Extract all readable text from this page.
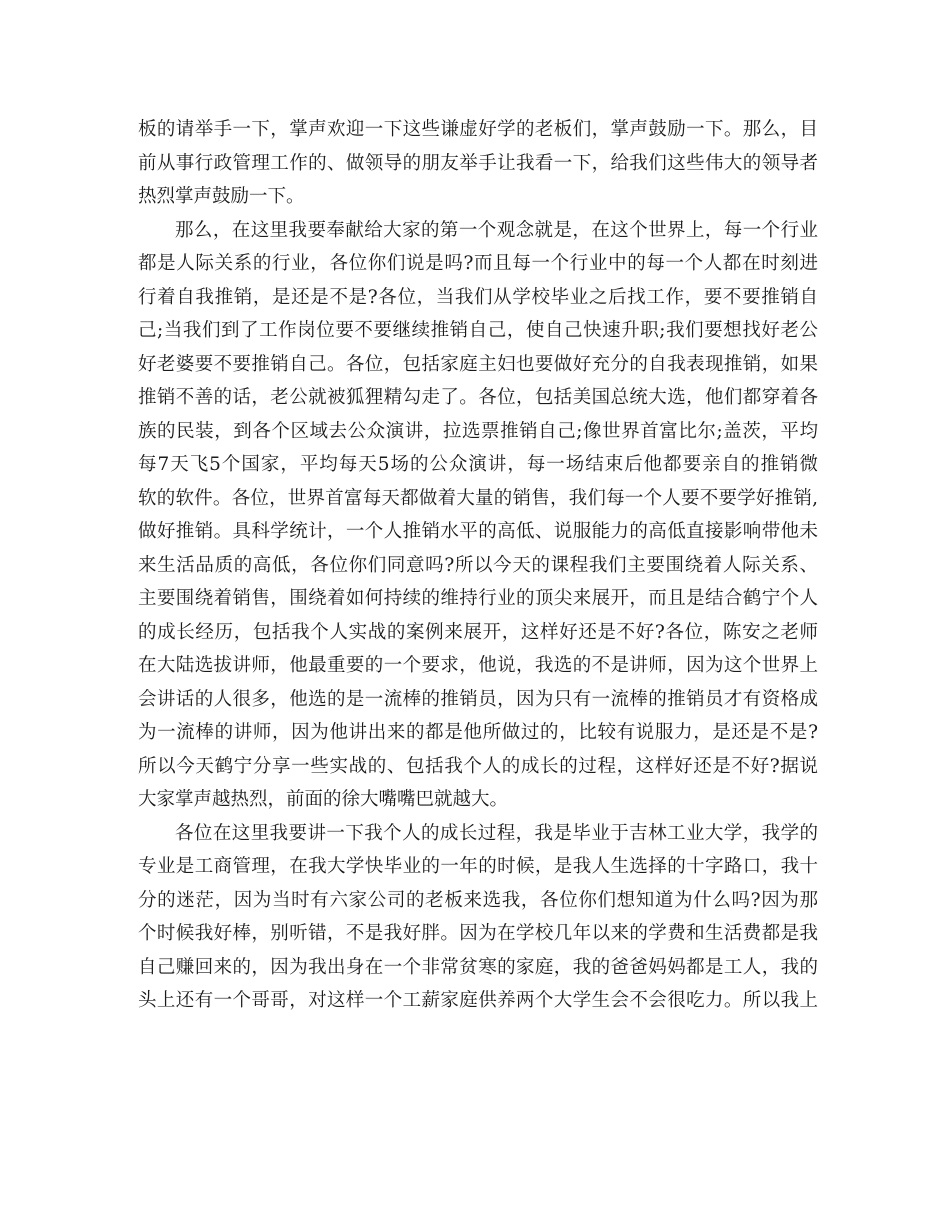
板的请举手一下，掌声欢迎一下这些谦虚好学的老板们，掌声鼓励一下。那么，目
前从事行政管理工作的、做领导的朋友举手让我看一下，给我们这些伟大的领导者
热烈掌声鼓励一下。
那么，在这里我要奉献给大家的第一个观念就是，在这个世界上，每一个行业
都是人际关系的行业，各位你们说是吗?而且每一个行业中的每一个人都在时刻进
行着自我推销，是还是不是?各位，当我们从学校毕业之后找工作，要不要推销自
己;当我们到了工作岗位要不要继续推销自己，使自己快速升职;我们要想找好老公
好老婆要不要推销自己。各位，包括家庭主妇也要做好充分的自我表现推销，如果
推销不善的话，老公就被狐狸精勾走了。各位，包括美国总统大选，他们都穿着各
族的民装，到各个区域去公众演讲，拉选票推销自己;像世界首富比尔;盖茨，平均
每7天飞5个国家，平均每天5场的公众演讲，每一场结束后他都要亲自的推销微
软的软件。各位，世界首富每天都做着大量的销售，我们每一个人要不要学好推销,
做好推销。具科学统计，一个人推销水平的高低、说服能力的高低直接影响带他未
来生活品质的高低，各位你们同意吗?所以今天的课程我们主要围绕着人际关系、
主要围绕着销售，围绕着如何持续的维持行业的顶尖来展开，而且是结合鹤宁个人
的成长经历，包括我个人实战的案例来展开，这样好还是不好?各位，陈安之老师
在大陆选拔讲师，他最重要的一个要求，他说，我选的不是讲师，因为这个世界上
会讲话的人很多，他选的是一流棒的推销员，因为只有一流棒的推销员才有资格成
为一流棒的讲师，因为他讲出来的都是他所做过的，比较有说服力，是还是不是?
所以今天鹤宁分享一些实战的、包括我个人的成长的过程，这样好还是不好?据说
大家掌声越热烈，前面的徐大嘴嘴巴就越大。
各位在这里我要讲一下我个人的成长过程，我是毕业于吉林工业大学，我学的
专业是工商管理，在我大学快毕业的一年的时候，是我人生选择的十字路口，我十
分的迷茫，因为当时有六家公司的老板来选我，各位你们想知道为什么吗?因为那
个时候我好棒，别听错，不是我好胖。因为在学校几年以来的学费和生活费都是我
自己赚回来的，因为我出身在一个非常贫寒的家庭，我的爸爸妈妈都是工人，我的
头上还有一个哥哥，对这样一个工薪家庭供养两个大学生会不会很吃力。所以我上
